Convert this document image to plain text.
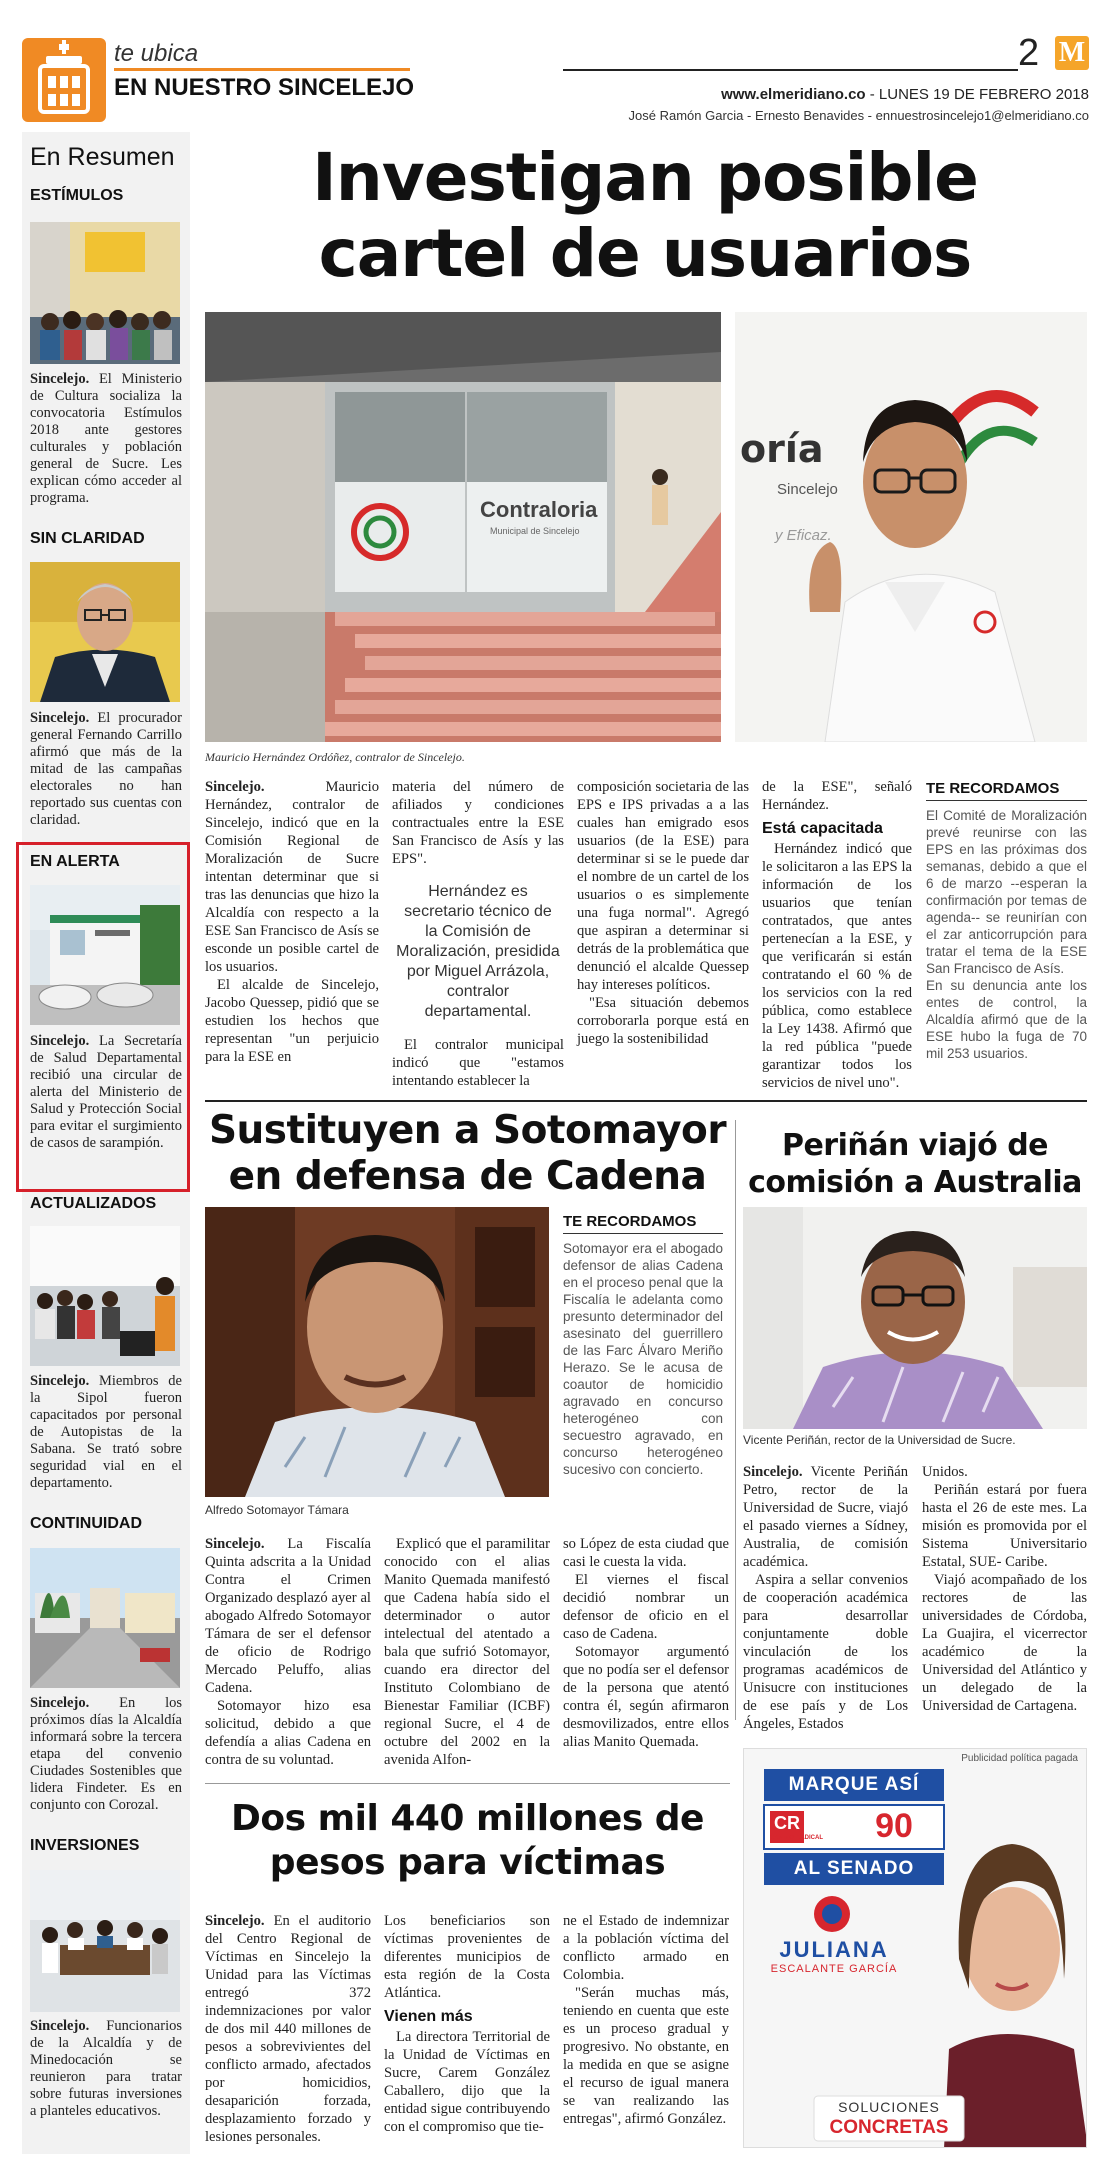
te ubica
EN NUESTRO SINCELEJO
2 M
www.elmeridiano.co - LUNES 19 DE FEBRERO 2018
José Ramón Garcia - Ernesto Benavides - ennuestrosincelejo1@elmeridiano.co
En Resumen
ESTÍMULOS
Sincelejo. El Ministerio de Cultura socializa la convocatoria Estímulos 2018 ante gestores culturales y población general de Sucre. Les explican cómo acceder al programa.
SIN CLARIDAD
Sincelejo. El procurador general Fernando Carrillo afirmó que más de la mitad de las campañas electorales no han reportado sus cuentas con claridad.
EN ALERTA
Sincelejo. La Secretaría de Salud Departamental recibió una circular de alerta del Ministerio de Salud y Protección Social para evitar el surgimiento de casos de sarampión.
ACTUALIZADOS
Sincelejo. Miembros de la Sipol fueron capacitados por personal de Autopistas de la Sabana. Se trató sobre seguridad vial en el departamento.
CONTINUIDAD
Sincelejo. En los próximos días la Alcaldía informará sobre la tercera etapa del convenio Ciudades Sostenibles que lidera Findeter. Es en conjunto con Corozal.
INVERSIONES
Sincelejo. Funcionarios de la Alcaldía y de Minedocación se reunieron para tratar sobre futuras inversiones a planteles educativos.
Investigan posible
cartel de usuarios
Contraloria
Municipal de Sincelejo
oría
Sincelejo
y Eficaz.
Mauricio Hernández Ordóñez, contralor de Sincelejo.

Sincelejo. Mauricio Hernández, contralor de Sincelejo, indicó que en la Comisión Regional de Moralización de Sucre intentan determinar que si tras las denuncias que hizo la Alcaldía con respecto a la ESE San Francisco de Asís se esconde un posible cartel de los usuarios.

El alcalde de Sincelejo, Jacobo Quessep, pidió que se estudien los hechos que representan "un perjuicio para la ESE en

materia del número de afiliados y condiciones contractuales entre la ESE San Francisco de Asís y las EPS".

Hernández es secretario técnico de la Comisión de Moralización, presidida por Miguel Arrázola, contralor departamental.

El contralor municipal indicó que "estamos intentando establecer la

composición societaria de las EPS e IPS privadas a a las cuales han emigrado esos usuarios (de la ESE) para determinar si se le puede dar el nombre de un cartel de los usuarios o es simplemente una fuga normal". Agregó que aspiran a determinar si detrás de la problemática que denunció el alcalde Quessep hay intereses políticos.

"Esa situación debemos corroborarla porque está en juego la sostenibilidad

de la ESE", señaló Hernández.

Está capacitada

Hernández indicó que le solicitaron a las EPS la información de los usuarios que tenían contratados, que antes pertenecían a la ESE, y que verificarán si están contratando el 60 % de los servicios con la red pública, como establece la Ley 1438. Afirmó que la red pública "puede garantizar todos los servicios de nivel uno".

TE RECORDAMOS
El Comité de Moralización prevé reunirse con las EPS en las próximas dos semanas, debido a que el 6 de marzo --esperan la confirmación por temas de agenda-- se reunirían con el zar anticorrupción para tratar el tema de la ESE San Francisco de Asís.
En su denuncia ante los entes de control, la Alcaldía afirmó que de la ESE hubo la fuga de 70 mil 253 usuarios.
Sustituyen a Sotomayor
en defensa de Cadena
Alfredo Sotomayor Támara
TE RECORDAMOS
Sotomayor era el abogado defensor de alias Cadena en el proceso penal que la Fiscalía le adelanta como presunto determinador del asesinato del guerrillero de las Farc Álvaro Meriño Herazo. Se le acusa de coautor de homicidio agravado en concurso heterogéneo con secuestro agravado, en concurso heterogéneo sucesivo con concierto.

Sincelejo. La Fiscalía Quinta adscrita a la Unidad Contra el Crimen Organizado desplazó ayer al abogado Alfredo Sotomayor Támara de ser el defensor de oficio de Rodrigo Mercado Peluffo, alias Cadena.

Sotomayor hizo esa solicitud, debido a que defendía a alias Cadena en contra de su voluntad.

Explicó que el paramilitar conocido con el alias Manito Quemada manifestó que Cadena había sido el determinador o autor intelectual del atentado a bala que sufrió Sotomayor, cuando era director del Instituto Colombiano de Bienestar Familiar (ICBF) regional Sucre, el 4 de octubre del 2002 en la avenida Alfon-

so López de esta ciudad que casi le cuesta la vida.

El viernes el fiscal decidió nombrar un defensor de oficio en el caso de Cadena.

Sotomayor argumentó que no podía ser el defensor de la persona que atentó contra él, según afirmaron desmovilizados, entre ellos alias Manito Quemada.

Periñán viajó de
comisión a Australia
Vicente Periñán, rector de la Universidad de Sucre.

Sincelejo. Vicente Periñán Petro, rector de la Universidad de Sucre, viajó el pasado viernes a Sídney, Australia, de comisión académica.

Aspira a sellar convenios de cooperación académica para desarrollar conjuntamente doble vinculación de los programas académicos de Unisucre con instituciones de ese país y de Los Ángeles, Estados

Unidos.

Periñán estará por fuera hasta el 26 de este mes. La misión es promovida por el Sistema Universitario Estatal, SUE- Caribe.

Viajó acompañado de los rectores de las universidades de Córdoba, La Guajira, el vicerrector académico de la Universidad del Atlántico y un delegado de la Universidad de Cartagena.

Dos mil 440 millones de
pesos para víctimas

Sincelejo. En el auditorio del Centro Regional de Víctimas en Sincelejo la Unidad para las Víctimas entregó 372 indemnizaciones por valor de dos mil 440 millones de pesos a sobrevivientes del conflicto armado, afectados por homicidios, desaparición forzada, desplazamiento forzado y lesiones personales.

Los beneficiarios son víctimas provenientes de diferentes municipios de esta región de la Costa Atlántica.

Vienen más

La directora Territorial de la Unidad de Víctimas en Sucre, Carem González Caballero, dijo que la entidad sigue contribuyendo con el compromiso que tie-

ne el Estado de indemnizar a la población víctima del conflicto armado en Colombia.

"Serán muchas más, teniendo en cuenta que este es un proceso gradual y progresivo. No obstante, en la medida en que se asigne el recurso de igual manera se van realizando las entregas", afirmó González.

Publicidad política pagada
MARQUE ASÍ
CR
CAMBIO RADICAL	90
AL SENADO
JULIANA
ESCALANTE GARCÍA
SOLUCIONES
CONCRETAS
